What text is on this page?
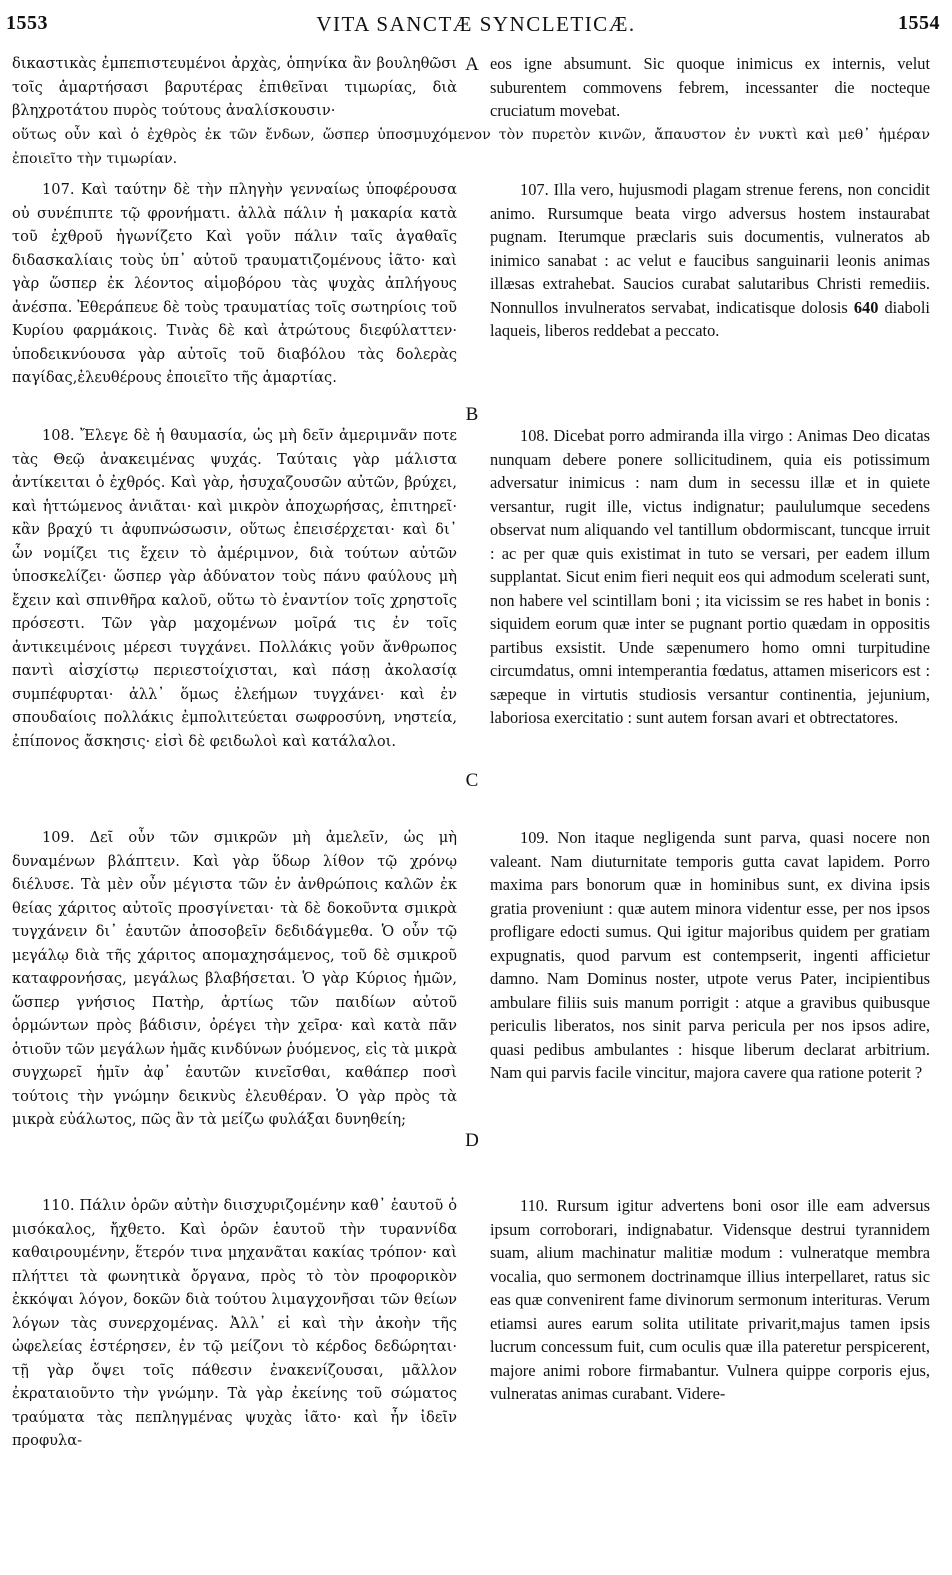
1553	VITA SANCTÆ SYNCLETICÆ.	1554

δικαστικὰς ἐμπεπιστευμένοι ἀρχὰς, ὁπηνίκα ἂν βουληθῶσι τοῖς ἁμαρτήσασι βαρυτέρας ἐπιθεῖναι τιμωρίας, διὰ βληχροτάτου πυρὸς τούτους ἀναλίσκουσιν·

A eos igne absumunt. Sic quoque inimicus ex internis, velut suburentem commovens febrem, incessanter die nocteque cruciatum movebat.

οὕτως οὖν καὶ ὁ ἐχθρὸς ἐκ τῶν ἔνδων, ὥσπερ ὑποσμυχόμενον τὸν πυρετὸν κινῶν, ἄπαυστον ἐν νυκτὶ καὶ μεθ᾽ ἡμέραν ἐποιεῖτο τὴν τιμωρίαν.

107. Καὶ ταύτην δὲ τὴν πληγὴν γενναίως ὑποφέρουσα οὐ συνέπιπτε τῷ φρονήματι. ἀλλὰ πάλιν ἡ μακαρία κατὰ τοῦ ἐχθροῦ ἠγωνίζετο Καὶ γοῦν πάλιν ταῖς ἀγαθαῖς διδασκαλίαις τοὺς ὑπ᾽ αὐτοῦ τραυματιζομένους ἰᾶτο· καὶ γὰρ ὥσπερ ἐκ λέοντος αἱμοβόρου τὰς ψυχὰς ἀπλήγους ἀνέσπα. Ἐθεράπευε δὲ τοὺς τραυματίας τοῖς σωτηρίοις τοῦ Κυρίου φαρμάκοις. Τινὰς δὲ καὶ ἀτρώτους διεφύλαττεν· ὑποδεικνύουσα γὰρ αὐτοῖς τοῦ διαβόλου τὰς δολερὰς παγίδας,ἐλευθέρους ἐποιεῖτο τῆς ἁμαρτίας.

107. Illa vero, hujusmodi plagam strenue ferens, non concidit animo. Rursumque beata virgo adversus hostem instaurabat pugnam. Iterumque præclaris suis documentis, vulneratos ab inimico sanabat : ac velut e faucibus sanguinarii leonis animas illæsas extrahebat. Saucios curabat salutaribus Christi remediis. Nonnullos invulneratos servabat, indicatisque dolosis 640 diaboli laqueis, liberos reddebat a peccato.

B

108. Ἔλεγε δὲ ἡ θαυμασία, ὡς μὴ δεῖν ἀμεριμνᾶν ποτε τὰς Θεῷ ἀνακειμένας ψυχάς. Ταύταις γὰρ μάλιστα ἀντίκειται ὁ ἐχθρός. Καὶ γὰρ, ἡσυχαζουσῶν αὐτῶν, βρύχει, καὶ ἡττώμενος ἀνιᾶται· καὶ μικρὸν ἀποχωρήσας, ἐπιτηρεῖ· κἂν βραχύ τι ἀφυπνώσωσιν, οὕτως ἐπεισέρχεται· καὶ δι᾽ ὧν νομίζει τις ἔχειν τὸ ἀμέριμνον, διὰ τούτων αὐτῶν ὑποσκελίζει· ὥσπερ γὰρ ἀδύνατον τοὺς πάνυ φαύλους μὴ ἔχειν καὶ σπινθῆρα καλοῦ, οὕτω τὸ ἐναντίον τοῖς χρηστοῖς πρόσεστι. Τῶν γὰρ μαχομένων μοῖρά τις ἐν τοῖς ἀντικειμένοις μέρεσι τυγχάνει. Πολλάκις γοῦν ἄνθρωπος παντὶ αἰσχίστῳ περιεστοίχισται, καὶ πάσῃ ἀκολασίᾳ συμπέφυρται· ἀλλ᾽ ὅμως ἐλεήμων τυγχάνει· καὶ ἐν σπουδαίοις πολλάκις ἐμπολιτεύεται σωφροσύνη, νηστεία, ἐπίπονος ἄσκησις· εἰσὶ δὲ φειδωλοὶ καὶ κατάλαλοι.

108. Dicebat porro admiranda illa virgo : Animas Deo dicatas nunquam debere ponere sollicitudinem, quia eis potissimum adversatur inimicus : nam dum in secessu illæ et in quiete versantur, rugit ille, victus indignatur; paululumque secedens observat num aliquando vel tantillum obdormiscant, tuncque irruit : ac per quæ quis existimat in tuto se versari, per eadem illum supplantat. Sicut enim fieri nequit eos qui admodum scelerati sunt, non habere vel scintillam boni ; ita vicissim se res habet in bonis : siquidem eorum quæ inter se pugnant portio quædam in oppositis partibus exsistit. Unde sæpenumero homo omni turpitudine circumdatus, omni intemperantia fœdatus, attamen misericors est : sæpeque in virtutis studiosis versantur continentia, jejunium, laboriosa exercitatio : sunt autem forsan avari et obtrectatores.

C

109. Δεῖ οὖν τῶν σμικρῶν μὴ ἀμελεῖν, ὡς μὴ δυναμένων βλάπτειν. Καὶ γὰρ ὕδωρ λίθον τῷ χρόνῳ διέλυσε. Τὰ μὲν οὖν μέγιστα τῶν ἐν ἀνθρώποις καλῶν ἐκ θείας χάριτος αὐτοῖς προσγίνεται· τὰ δὲ δοκοῦντα σμικρὰ τυγχάνειν δι᾽ ἑαυτῶν ἀποσοβεῖν δεδιδάγμεθα. Ὁ οὖν τῷ μεγάλῳ διὰ τῆς χάριτος απομαχησάμενος, τοῦ δὲ σμικροῦ καταφρονήσας, μεγάλως βλαβήσεται. Ὁ γὰρ Κύριος ἡμῶν, ὥσπερ γνήσιος Πατὴρ, ἀρτίως τῶν παιδίων αὐτοῦ ὁρμώντων πρὸς βάδισιν, ὀρέγει τὴν χεῖρα· καὶ κατὰ πᾶν ὁτιοῦν τῶν μεγάλων ἡμᾶς κινδύνων ῥυόμενος, εἰς τὰ μικρὰ συγχωρεῖ ἡμῖν ἀφ᾽ ἑαυτῶν κινεῖσθαι, καθάπερ ποσὶ τούτοις τὴν γνώμην δεικνὺς ἐλευθέραν. Ὁ γὰρ πρὸς τὰ μικρὰ εὐάλωτος, πῶς ἂν τὰ μείζω φυλάξαι δυνηθείη;

109. Non itaque negligenda sunt parva, quasi nocere non valeant. Nam diuturnitate temporis gutta cavat lapidem. Porro maxima pars bonorum quæ in hominibus sunt, ex divina ipsis gratia proveniunt : quæ autem minora videntur esse, per nos ipsos profligare edocti sumus. Qui igitur majoribus quidem per gratiam expugnatis, quod parvum est contempserit, ingenti afficietur damno. Nam Dominus noster, utpote verus Pater, incipientibus ambulare filiis suis manum porrigit : atque a gravibus quibusque periculis liberatos, nos sinit parva pericula per nos ipsos adire, quasi pedibus ambulantes : hisque liberum declarat arbitrium. Nam qui parvis facile vincitur, majora cavere qua ratione poterit ?

D

110. Πάλιν ὁρῶν αὐτὴν διισχυριζομένην καθ᾽ ἑαυτοῦ ὁ μισόκαλος, ἤχθετο. Καὶ ὁρῶν ἑαυτοῦ τὴν τυραννίδα καθαιρουμένην, ἕτερόν τινα μηχανᾶται κακίας τρόπον· καὶ πλήττει τὰ φωνητικὰ ὄργανα, πρὸς τὸ τὸν προφορικὸν ἐκκόψαι λόγον, δοκῶν διὰ τούτου λιμαγχονῆσαι τῶν θείων λόγων τὰς συνερχομένας. Ἀλλ᾽ εἰ καὶ τὴν ἀκοὴν τῆς ὠφελείας ἐστέρησεν, ἐν τῷ μείζονι τὸ κέρδος δεδώρηται· τῇ γὰρ ὄψει τοῖς πάθεσιν ἐνακενίζουσαι, μᾶλλον ἐκραταιοῦντο τὴν γνώμην. Τὰ γὰρ ἐκείνης τοῦ σώματος τραύματα τὰς πεπληγμένας ψυχὰς ἰᾶτο· καὶ ἦν ἰδεῖν προφυλα-

110. Rursum igitur advertens boni osor ille eam adversus ipsum corroborari, indignabatur. Vidensque destrui tyrannidem suam, alium machinatur malitiæ modum : vulneratque membra vocalia, quo sermonem doctrinamque illius interpellaret, ratus sic eas quæ convenirent fame divinorum sermonum interituras. Verum etiamsi aures earum solita utilitate privarit,majus tamen ipsis lucrum concessum fuit, cum oculis quæ illa pateretur perspicerent, majore animi robore firmabantur. Vulnera quippe corporis ejus, vulneratas animas curabant. Videre-
